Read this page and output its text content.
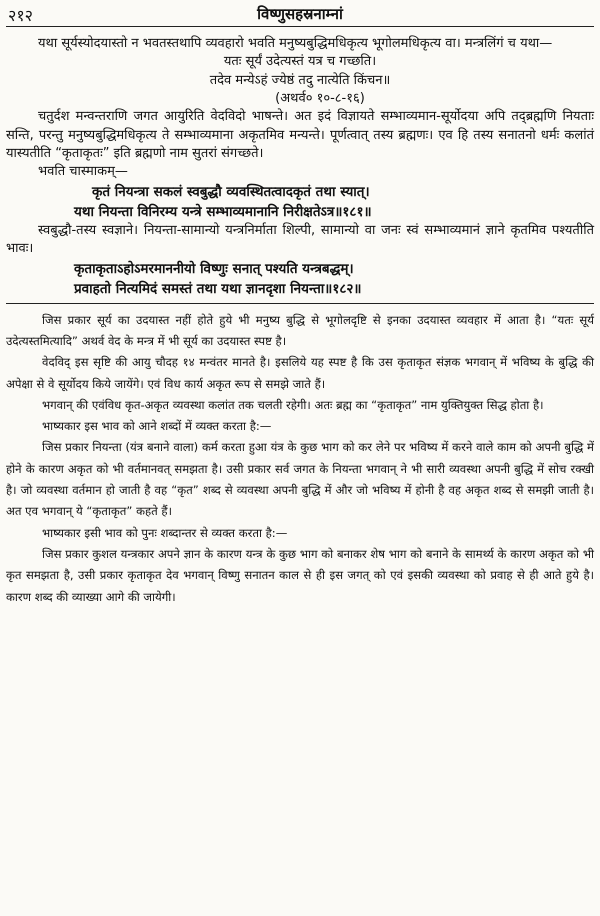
२१२	विष्णुसहस्रनाम्नां

यथा सूर्यस्योदयास्तो न भवतस्तथापि व्यवहारो भवति मनुष्यबुद्धिमधिकृत्य भूगोलमधिकृत्य वा। मन्त्रलिंगं च यथा—

यतः सूर्यं उदेत्यस्तं यत्र च गच्छति।

तदेव मन्येऽहं ज्येष्ठं तदु नात्येति किंचन॥

(अथर्व० १०-८-१६)

चतुर्दश मन्वन्तराणि जगत आयुरिति वेदविदो भाषन्ते। अत इदं विज्ञायते सम्भाव्यमान-सूर्योदया अपि तद्ब्रह्मणि नियताः सन्ति, परन्तु मनुष्यबुद्धिमधिकृत्य ते सम्भाव्यमाना अकृतमिव मन्यन्ते। पूर्णत्वात् तस्य ब्रह्मणः। एव हि तस्य सनातनो धर्मः कलांतं यास्यतीति “कृताकृतः” इति ब्रह्मणो नाम सुतरां संगच्छते।

भवति चास्माकम्—

कृतं नियन्त्रा सकलं स्वबुद्धौ व्यवस्थितत्वादकृतं तथा स्यात्।

यथा नियन्ता विनिरम्य यन्त्रे सम्भाव्यमानानि निरीक्षतेऽत्र॥१८१॥

स्वबुद्धौ-तस्य स्वज्ञाने। नियन्ता-सामान्यो यन्त्रनिर्माता शिल्पी, सामान्यो वा जनः स्वं सम्भाव्यमानं ज्ञाने कृतमिव पश्यतीति भावः।

कृताकृताऽहोऽमरमाननीयो विष्णुः सनात् पश्यति यन्त्रबद्धम्।

प्रवाहतो नित्यमिदं समस्तं तथा यथा ज्ञानदृशा नियन्ता॥१८२॥

जिस प्रकार सूर्य का उदयास्त नहीं होते हुये भी मनुष्य बुद्धि से भूगोलदृष्टि से इनका उदयास्त व्यवहार में आता है। “यतः सूर्य उदेत्यस्तमित्यादि” अथर्व वेद के मन्त्र में भी सूर्य का उदयास्त स्पष्ट है।

वेदविद् इस सृष्टि की आयु चौदह १४ मन्वंतर मानते है। इसलिये यह स्पष्ट है कि उस कृताकृत संज्ञक भगवान् में भविष्य के बुद्धि की अपेक्षा से वे सूर्योदय किये जायेंगे। एवं विध कार्य अकृत रूप से समझे जाते हैं।

भगवान् की एवंविध कृत-अकृत व्यवस्था कलांत तक चलती रहेगी। अतः ब्रह्म का “कृताकृत” नाम युक्तियुक्त सिद्ध होता है।

भाष्यकार इस भाव को आने शब्दों में व्यक्त करता है:—

जिस प्रकार नियन्ता (यंत्र बनाने वाला) कर्म करता हुआ यंत्र के कुछ भाग को कर लेने पर भविष्य में करने वाले काम को अपनी बुद्धि में होने के कारण अकृत को भी वर्तमानवत् समझता है। उसी प्रकार सर्व जगत के नियन्ता भगवान् ने भी सारी व्यवस्था अपनी बुद्धि में सोच रक्खी है। जो व्यवस्था वर्तमान हो जाती है वह “कृत” शब्द से व्यवस्था अपनी बुद्धि में और जो भविष्य में होनी है वह अकृत शब्द से समझी जाती है। अत एव भगवान् ये “कृताकृत” कहते हैं।

भाष्यकार इसी भाव को पुनः शब्दान्तर से व्यक्त करता है:—

जिस प्रकार कुशल यन्त्रकार अपने ज्ञान के कारण यन्त्र के कुछ भाग को बनाकर शेष भाग को बनाने के सामर्थ्य के कारण अकृत को भी कृत समझता है, उसी प्रकार कृताकृत देव भगवान् विष्णु सनातन काल से ही इस जगत् को एवं इसकी व्यवस्था को प्रवाह से ही आते हुये है। कारण शब्द की व्याख्या आगे की जायेगी।
